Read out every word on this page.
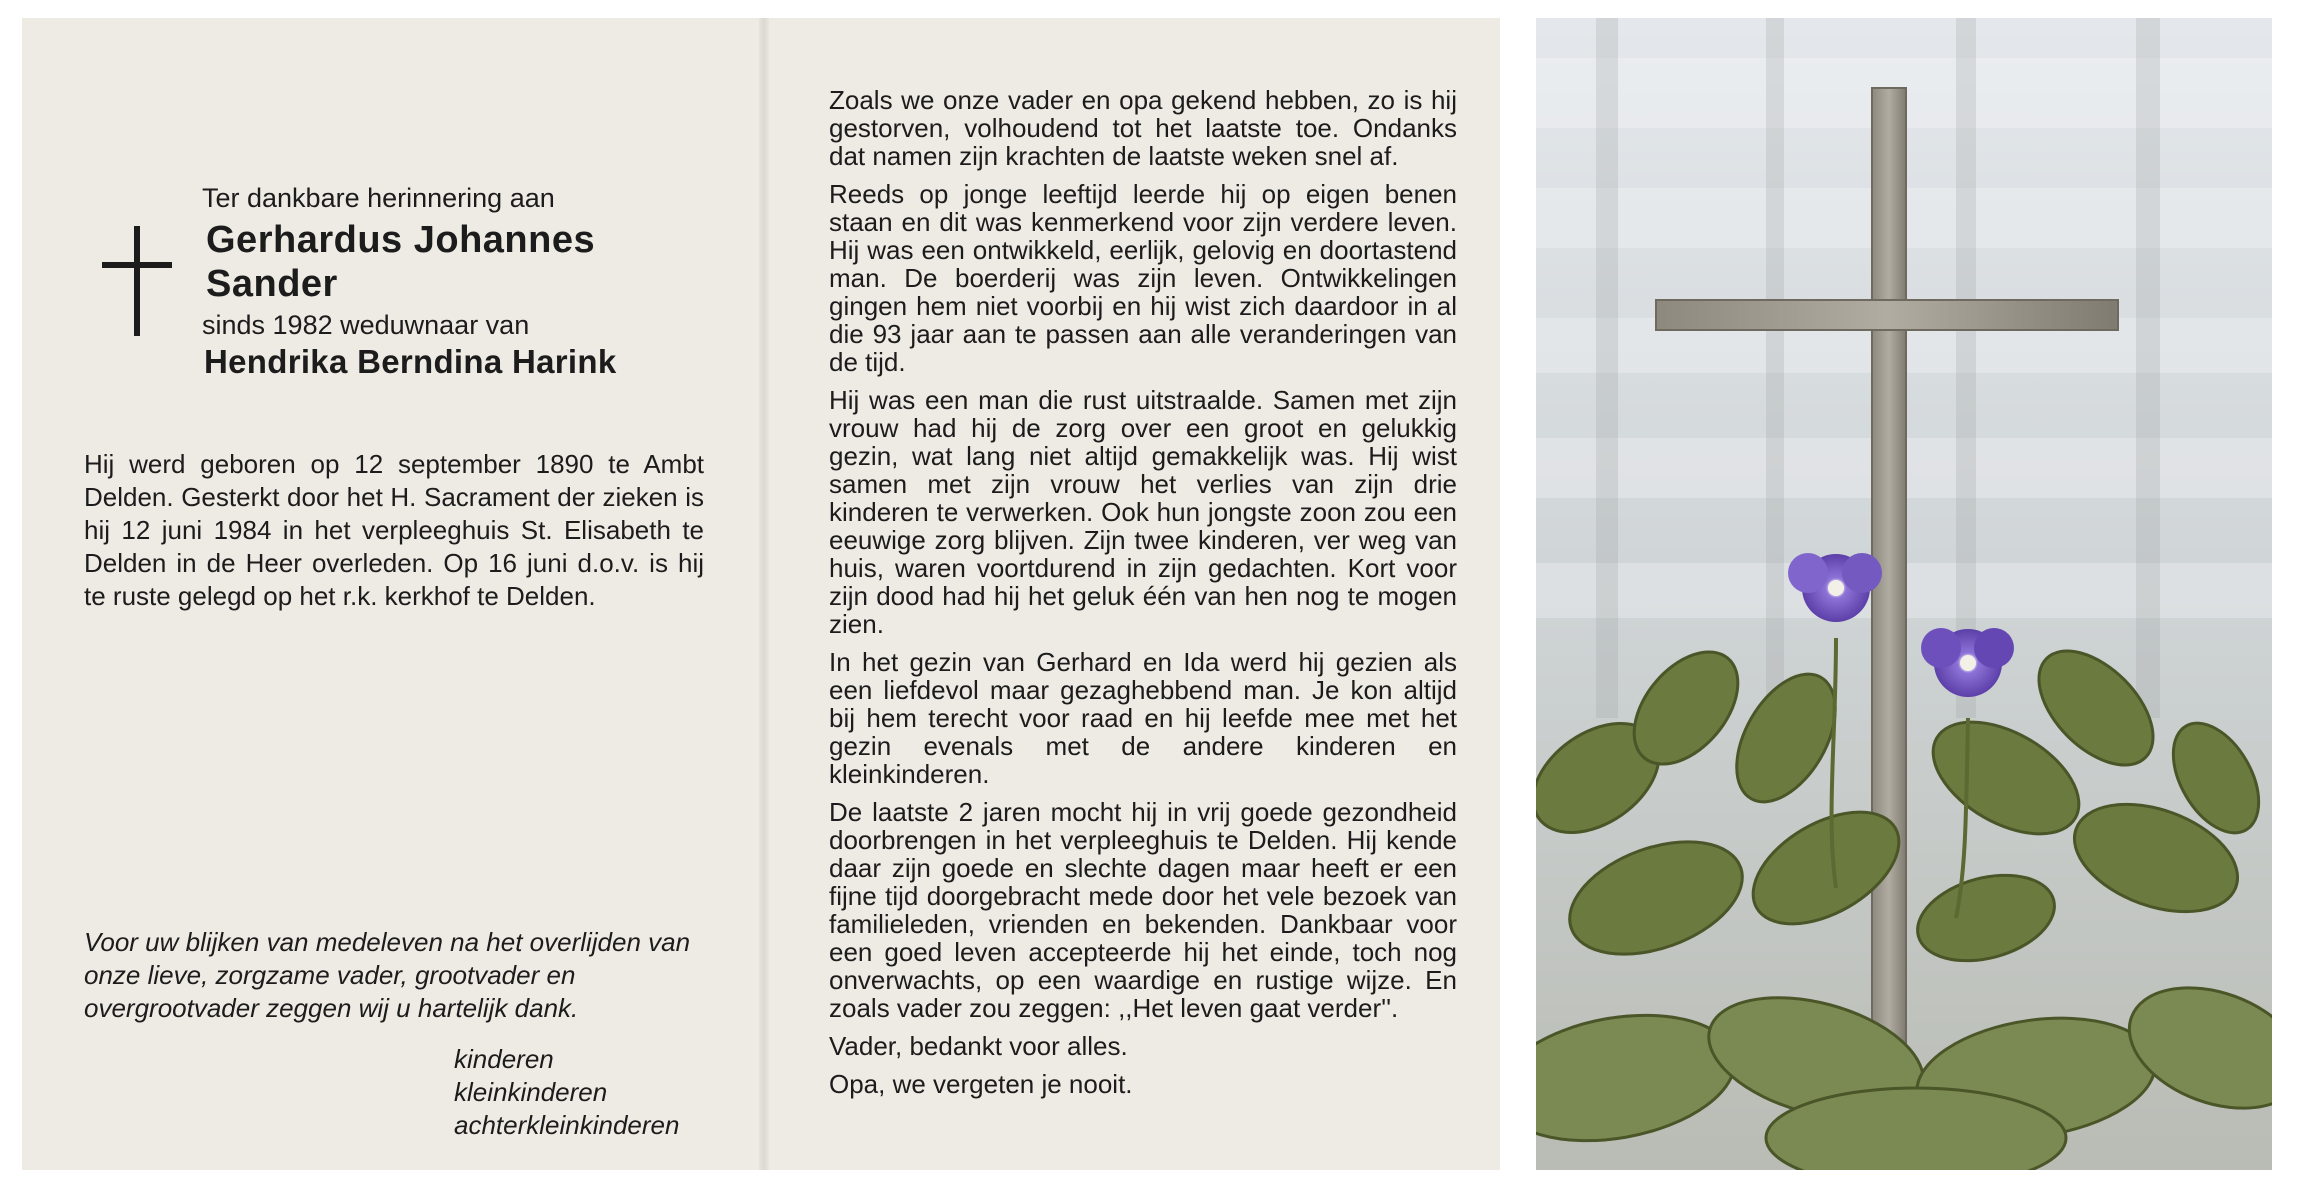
Ter dankbare herinnering aan
Gerhardus Johannes
Sander
sinds 1982 weduwnaar van
Hendrika Berndina Harink
Hij werd geboren op 12 september 1890 te Ambt Delden. Gesterkt door het H. Sacrament der zieken is hij 12 juni 1984 in het verpleeghuis St. Elisabeth te Delden in de Heer overleden. Op 16 juni d.o.v. is hij te ruste gelegd op het r.k. kerkhof te Delden.
Voor uw blijken van medeleven na het overlijden van onze lieve, zorgzame vader, grootvader en overgrootvader zeggen wij u hartelijk dank.
kinderen
kleinkinderen
achterkleinkinderen

Zoals we onze vader en opa gekend hebben, zo is hij gestorven, volhoudend tot het laatste toe. Ondanks dat namen zijn krachten de laatste weken snel af.

Reeds op jonge leeftijd leerde hij op eigen benen staan en dit was kenmerkend voor zijn verdere leven. Hij was een ontwikkeld, eerlijk, gelovig en doortastend man. De boerderij was zijn leven. Ontwikkelingen gingen hem niet voorbij en hij wist zich daardoor in al die 93 jaar aan te passen aan alle veranderingen van de tijd.

Hij was een man die rust uitstraalde. Samen met zijn vrouw had hij de zorg over een groot en gelukkig gezin, wat lang niet altijd gemakkelijk was. Hij wist samen met zijn vrouw het verlies van zijn drie kinderen te verwerken. Ook hun jongste zoon zou een eeuwige zorg blijven. Zijn twee kinderen, ver weg van huis, waren voortdurend in zijn gedachten. Kort voor zijn dood had hij het geluk één van hen nog te mogen zien.

In het gezin van Gerhard en Ida werd hij gezien als een liefdevol maar gezaghebbend man. Je kon altijd bij hem terecht voor raad en hij leefde mee met het gezin evenals met de andere kinderen en kleinkinderen.

De laatste 2 jaren mocht hij in vrij goede gezondheid doorbrengen in het verpleeghuis te Delden. Hij kende daar zijn goede en slechte dagen maar heeft er een fijne tijd doorgebracht mede door het vele bezoek van familieleden, vrienden en bekenden. Dankbaar voor een goed leven accepteerde hij het einde, toch nog onverwachts, op een waardige en rustige wijze. En zoals vader zou zeggen: ,,Het leven gaat verder''.

Vader, bedankt voor alles.

Opa, we vergeten je nooit.
